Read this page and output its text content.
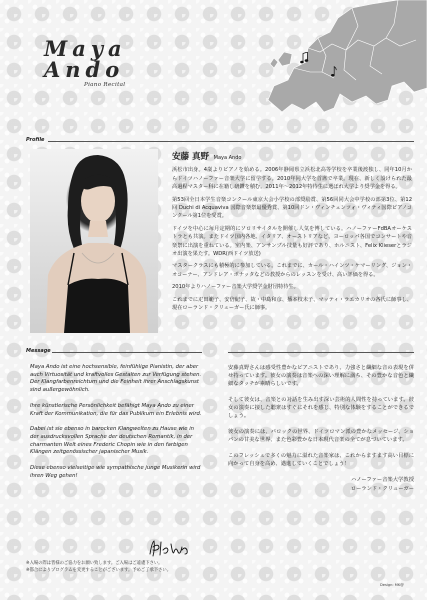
Maya Ando
Piano Recital
Profile
安藤 真野 Maya Ando

浜松市出身。4歳よりピアノを始める。2006年静岡県立浜松北高等学校を卒業後渡独し、同年10月からドイツハノーファー音楽大学に留学する。2010年同大学を首席で卒業。現在、新しく設けられた最高過程マスター科に在籍し研鑽を積む。2011年〜2012年特待生に選ばれ大学より奨学金を得る。

第53回全日本学生音楽コンクール東京大会小学校の部奨励賞、第56回同大会中学校の部第3位、第12回 Duchi di Acquaviva 国際音楽祭最優秀賞、第10回ドン・ヴィンチェンツォ・ヴィティ国際ピアノコンクール第1位を受賞。

ドイツを中心に毎月定期的にソロリサイタルを開催し人気を博している。ハノーファーFdBAオーケストラとも共演。またドイツ国内各地、イタリア、オーストリアなど、ヨーロッパ各国でコンサートや音楽祭に出演を重ねている。室内楽、アンサンブル技量も好評であり、ホルニスト、Felix Klieserとラジオ出演を果たす。WDR(西ドイツ放送)

マスタークラスにも積極的に参加している。これまでに、カール・ハインツ・ケマーリング、ジョン・オコーナー、アンドレア・ボナッタなどの教授からのレッスンを受け、高い評価を得る。

2010年よりハノーファー音楽大学奨学金財団特待生。

これまでに疋田範子、安倍紀子、故・中島和彦、播本枝未子、マッティ・ラエカリオの各氏に師事し、現在ローランド・クリューガー氏に師事。

Message

Maya Ando ist eine hochsensible, feinfühlige Pianistin, der aber auch Virtuosität und kraftvolles Gestalten zur Verfügung stehen. Der Klangfarbenreichtum und die Feinheit ihrer Anschlagskunst sind außergewöhnlich.

Ihre künstlerische Persönlichkeit befähigt Maya Ando zu einer Kraft der Kommunikation, die für das Publikum ein Erlebnis wird.

Dabei ist sie ebenso in barocken Klangwelten zu Hause wie in der ausdrucksvollen Sprache der deutschen Romantik, in der charmanten Welt eines Frederic Chopin wie in den farbigen Klängen zeitgenössischer japanischer Musik.

Diese ebenso vielseitige wie sympathische junge Musikerin wird ihren Weg gehen!

安藤真野さんは感受性豊かなピアニストであり、力強さと繊細な音の表現を併せ持っています。彼女の演奏は音楽への深い理解に満ち、その豊かな音色と繊細なタッチが素晴らしいです。

そして彼女は、音楽との対話を生み出す深い芸術的人間性を持っています。彼女の演奏に接した聴衆はすぐにそれを感じ、特別な体験をすることができるでしょう。

彼女の演奏には、バロックの世界、ドイツロマン派の豊かなメッセージ、ショパンの甘美な世界、また色彩豊かな日本現代音楽の全てが息づいています。

このフレッシュで多くの魅力に溢れた音楽家は、これからますます高い目標に向かって自身を高め、邁進していくことでしょう！

ハノーファー音楽大学教授
ローランド・クリューガー

※入場の際は皆様のご協力をお願い致します。ご入場はご遠慮下さい。

※都合によりプログラムを変更することがございます。予めご了承下さい。

Design: MK@
